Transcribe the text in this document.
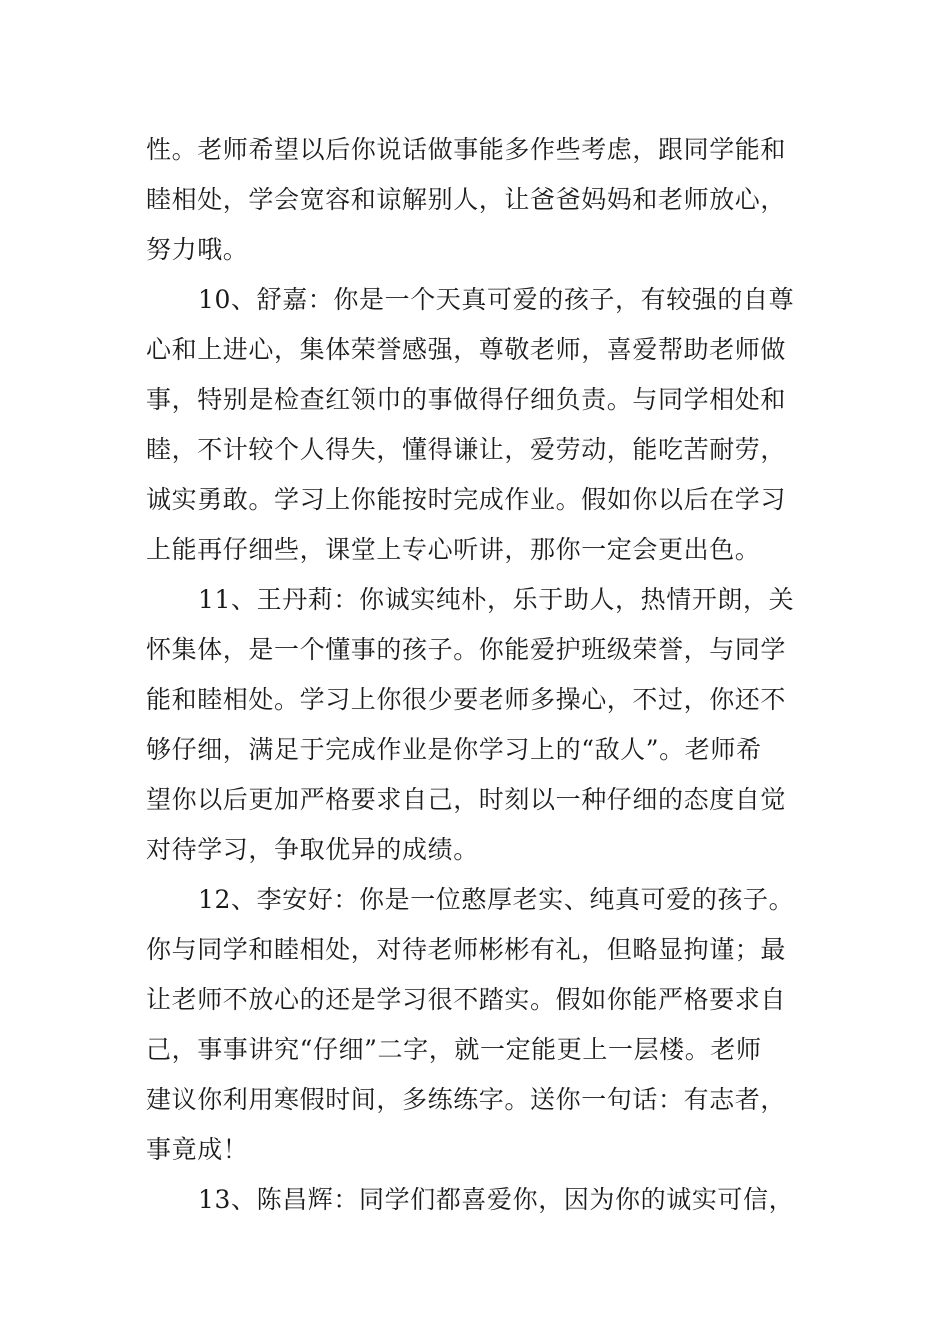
性。老师希望以后你说话做事能多作些考虑，跟同学能和
睦相处，学会宽容和谅解别人，让爸爸妈妈和老师放心，
努力哦。
10、舒嘉：你是一个天真可爱的孩子，有较强的自尊
心和上进心，集体荣誉感强，尊敬老师，喜爱帮助老师做
事，特别是检查红领巾的事做得仔细负责。与同学相处和
睦，不计较个人得失，懂得谦让，爱劳动，能吃苦耐劳，
诚实勇敢。学习上你能按时完成作业。假如你以后在学习
上能再仔细些，课堂上专心听讲，那你一定会更出色。
11、王丹莉：你诚实纯朴，乐于助人，热情开朗，关
怀集体，是一个懂事的孩子。你能爱护班级荣誉，与同学
能和睦相处。学习上你很少要老师多操心，不过，你还不
够仔细，满足于完成作业是你学习上的“敌人”。老师希
望你以后更加严格要求自己，时刻以一种仔细的态度自觉
对待学习，争取优异的成绩。
12、李安好：你是一位憨厚老实、纯真可爱的孩子。
你与同学和睦相处，对待老师彬彬有礼，但略显拘谨；最
让老师不放心的还是学习很不踏实。假如你能严格要求自
己，事事讲究“仔细”二字，就一定能更上一层楼。老师
建议你利用寒假时间，多练练字。送你一句话：有志者，
事竟成！
13、陈昌辉：同学们都喜爱你，因为你的诚实可信，
